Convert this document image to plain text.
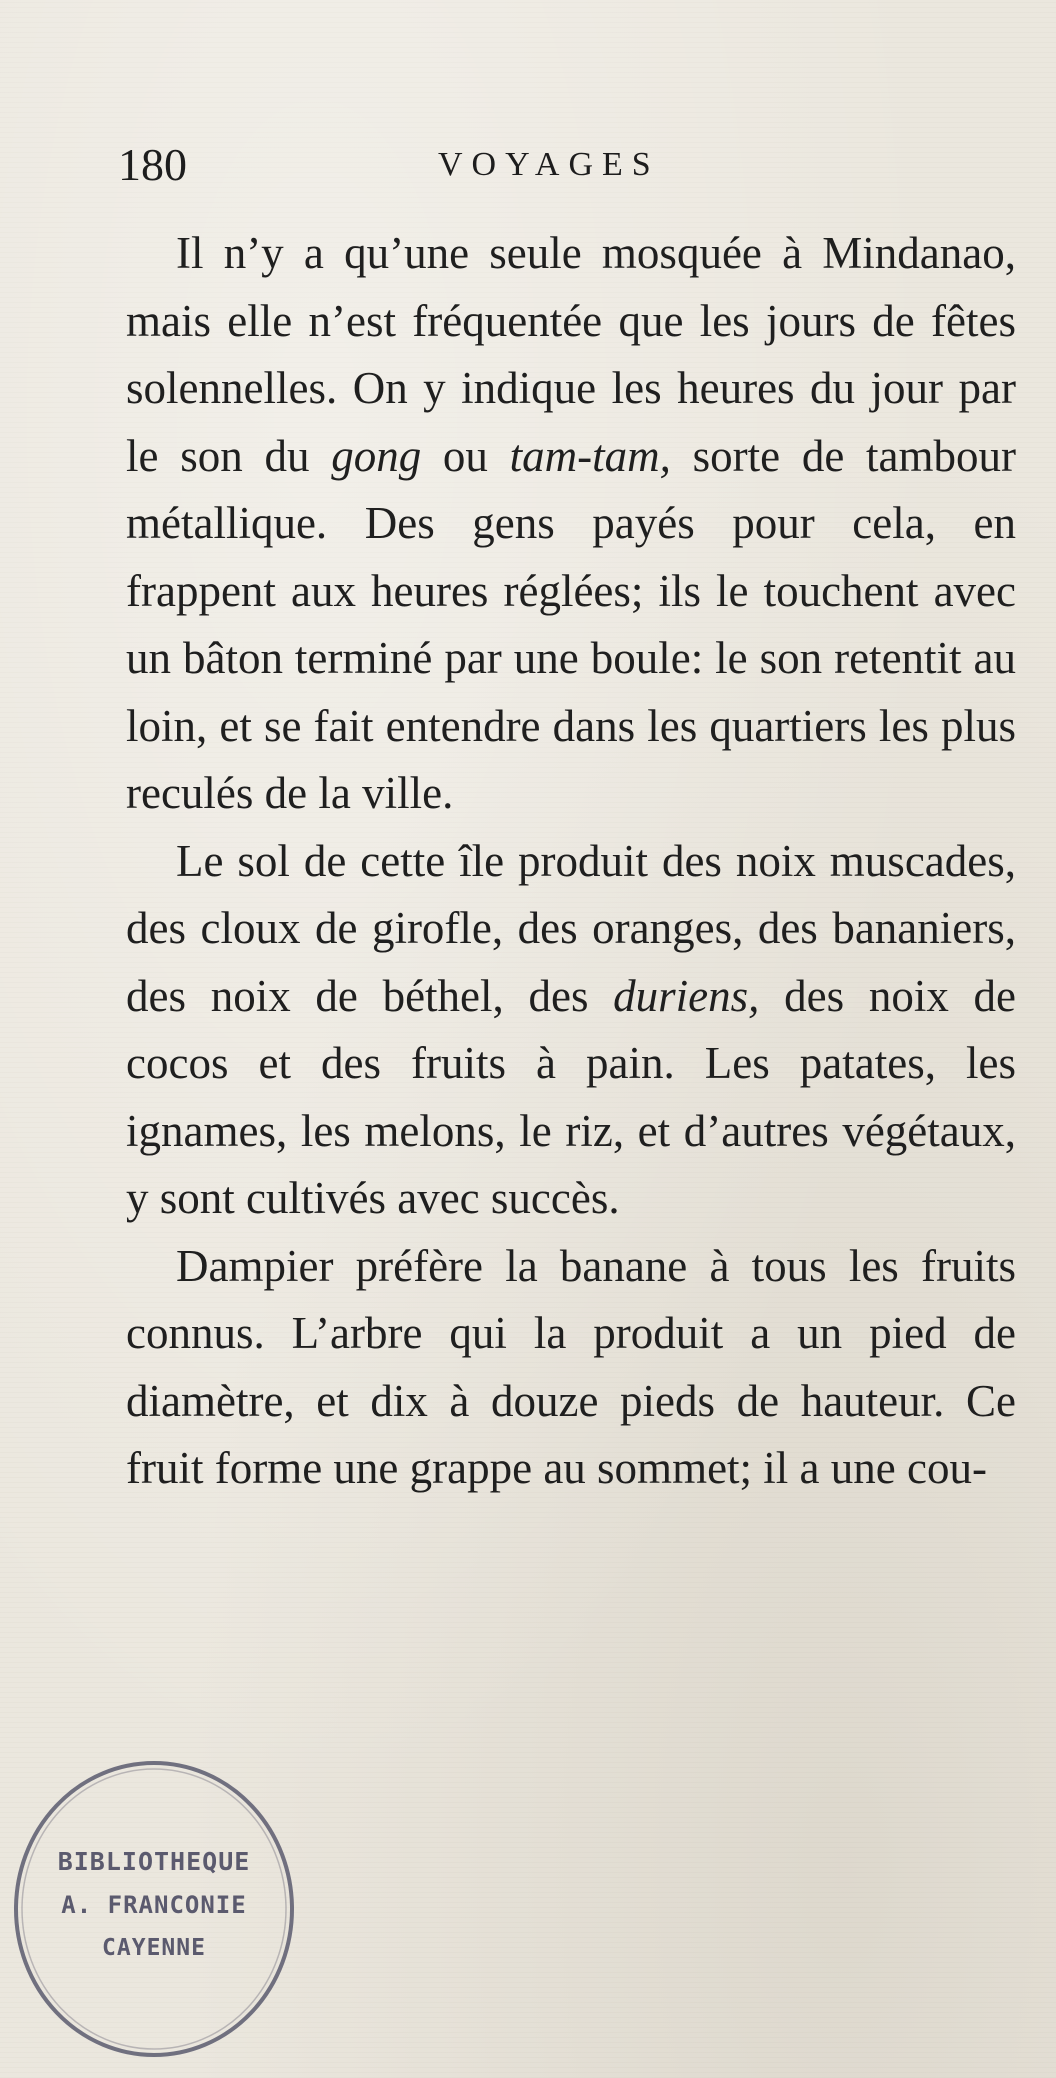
180	VOYAGES

Il n’y a qu’une seule mosquée à Mindanao, mais elle n’est fréquentée que les jours de fêtes solennelles. On y indique les heures du jour par le son du gong ou tam-tam, sorte de tambour métallique. Des gens payés pour cela, en frappent aux heures réglées; ils le touchent avec un bâton terminé par une boule: le son retentit au loin, et se fait entendre dans les quartiers les plus reculés de la ville.

Le sol de cette île produit des noix muscades, des cloux de girofle, des oranges, des bananiers, des noix de béthel, des duriens, des noix de cocos et des fruits à pain. Les patates, les ignames, les melons, le riz, et d’autres végétaux, y sont cultivés avec succès.

Dampier préfère la banane à tous les fruits connus. L’arbre qui la produit a un pied de diamètre, et dix à douze pieds de hauteur. Ce fruit forme une grappe au sommet; il a une cou-

BIBLIOTHEQUE
A. FRANCONIE
CAYENNE
